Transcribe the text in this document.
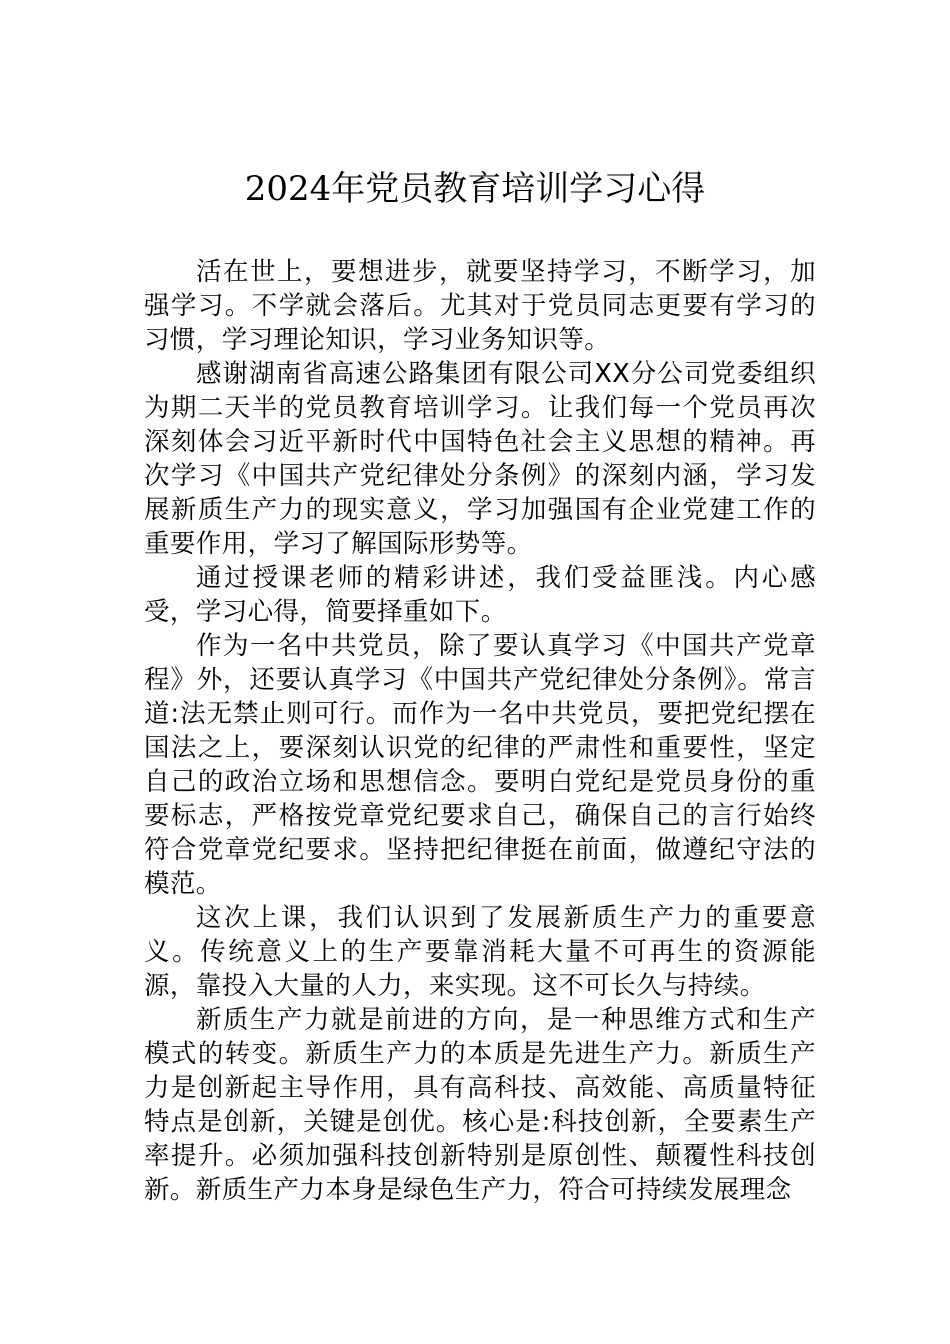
2024年党员教育培训学习心得

活在世上，要想进步，就要坚持学习，不断学习，加强学习。不学就会落后。尤其对于党员同志更要有学习的习惯，学习理论知识，学习业务知识等。

感谢湖南省高速公路集团有限公司XX分公司党委组织为期二天半的党员教育培训学习。让我们每一个党员再次深刻体会习近平新时代中国特色社会主义思想的精神。再次学习《中国共产党纪律处分条例》的深刻内涵，学习发展新质生产力的现实意义，学习加强国有企业党建工作的重要作用，学习了解国际形势等。

通过授课老师的精彩讲述，我们受益匪浅。内心感受，学习心得，简要择重如下。

作为一名中共党员，除了要认真学习《中国共产党章程》外，还要认真学习《中国共产党纪律处分条例》。常言道:法无禁止则可行。而作为一名中共党员，要把党纪摆在国法之上，要深刻认识党的纪律的严肃性和重要性，坚定自己的政治立场和思想信念。要明白党纪是党员身份的重要标志，严格按党章党纪要求自己，确保自己的言行始终符合党章党纪要求。坚持把纪律挺在前面，做遵纪守法的模范。

这次上课，我们认识到了发展新质生产力的重要意义。传统意义上的生产要靠消耗大量不可再生的资源能源，靠投入大量的人力，来实现。这不可长久与持续。

新质生产力就是前进的方向，是一种思维方式和生产模式的转变。新质生产力的本质是先进生产力。新质生产力是创新起主导作用，具有高科技、高效能、高质量特征特点是创新，关键是创优。核心是:科技创新，全要素生产率提升。必须加强科技创新特别是原创性、颠覆性科技创新。新质生产力本身是绿色生产力，符合可持续发展理念
